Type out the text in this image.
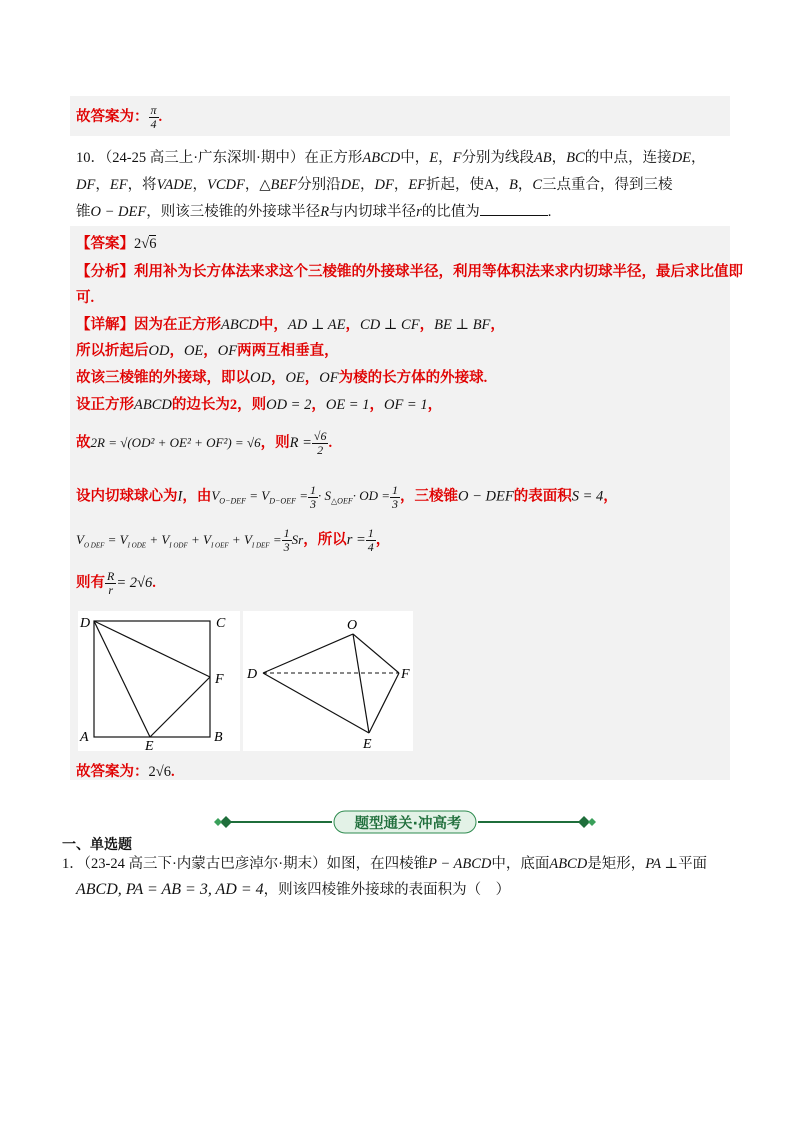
故答案为： $\frac{\pi}{4}$ .
10．（24-25 高三上·广东深圳·期中）在正方形ABCD中，E，F分别为线段AB，BC的中点，连接DE，
DF，EF，将VADE，VCDF，△BEF分别沿DE，DF，EF折起，使A，B，C三点重合，得到三棱
锥O − DEF，则该三棱锥的外接球半径R与内切球半径r的比值为	.
【答案】2√6
【分析】利用补为长方体法来求这个三棱锥的外接球半径，利用等体积法来求内切球半径，最后求比值即
可.
【详解】因为在正方形ABCD中，AD ⊥ AE，CD ⊥ CF，BE ⊥ BF，
所以折起后OD，OE，OF两两互相垂直，
故该三棱锥的外接球，即以OD，OE，OF为棱的长方体的外接球.
设正方形ABCD的边长为2，则OD = 2，OE = 1，OF = 1，
故2R = √(OD² + OE² + OF²) = √6，则$R = \frac{√6}{2}$ .
设内切球球心为I，由$V_{O-DEF} = V_{D-OEF} = \frac{1}{3} \cdot S_{\triangle OEF}\cdot$ OD = $\frac{1}{3}$ ，三棱锥O − DEF的表面积S = 4，
$V_{O DEF} = V_{I ODE} + V_{I ODF} + V_{I OEF} + V_{I DEF} = \frac{1}{3}$ Sr，所以$r = \frac{1}{4}$ ，
则有 $\frac{R}{r} = 2√6$.
D	C
F
A
E
B
O
D	F
E
故答案为：2√6.
题型通关·冲高考
一、单选题
1．（23-24 高三下·内蒙古巴彦淖尔·期末）如图，在四棱锥P − ABCD中，底面ABCD是矩形，PA ⊥平面
ABCD, PA = AB = 3, AD = 4，则该四棱锥外接球的表面积为（　）
